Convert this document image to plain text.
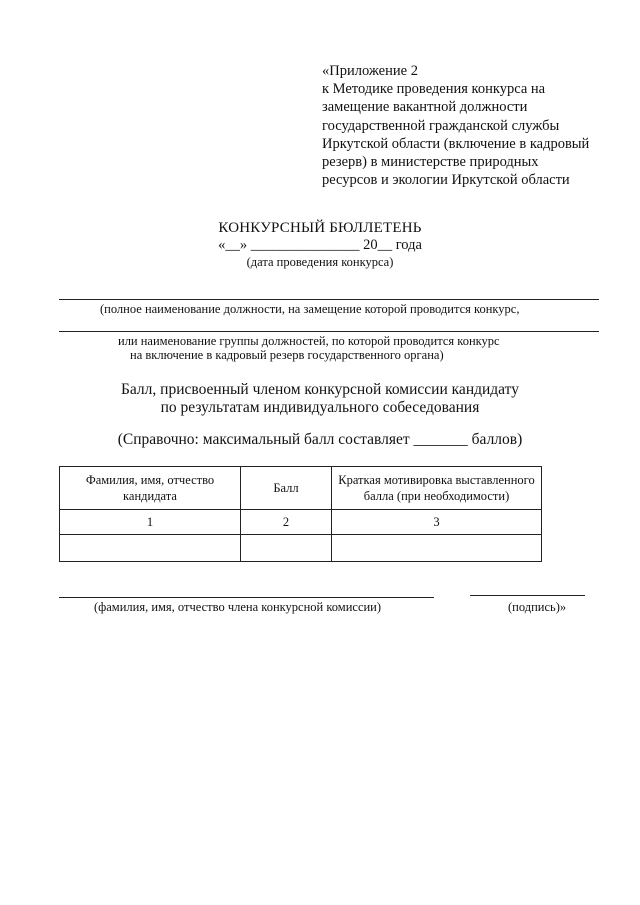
«Приложение 2
к Методике проведения конкурса на
замещение вакантной должности
государственной гражданской службы
Иркутской области (включение в кадровый
резерв) в министерстве природных
ресурсов и экологии Иркутской области
КОНКУРСНЫЙ БЮЛЛЕТЕНЬ
«__» _______________ 20__ года
(дата проведения конкурса)
(полное наименование должности, на замещение которой проводится конкурс,
или наименование группы должностей, по которой проводится конкурс
на включение в кадровый резерв государственного органа)
Балл, присвоенный членом конкурсной комиссии кандидату
по результатам индивидуального собеседования
(Справочно: максимальный балл составляет _______ баллов)
Фамилия, имя, отчество кандидата	Балл	Краткая мотивировка выставленного балла (при необходимости)
1	2	3

(фамилия, имя, отчество члена конкурсной комиссии)	(подпись)»
